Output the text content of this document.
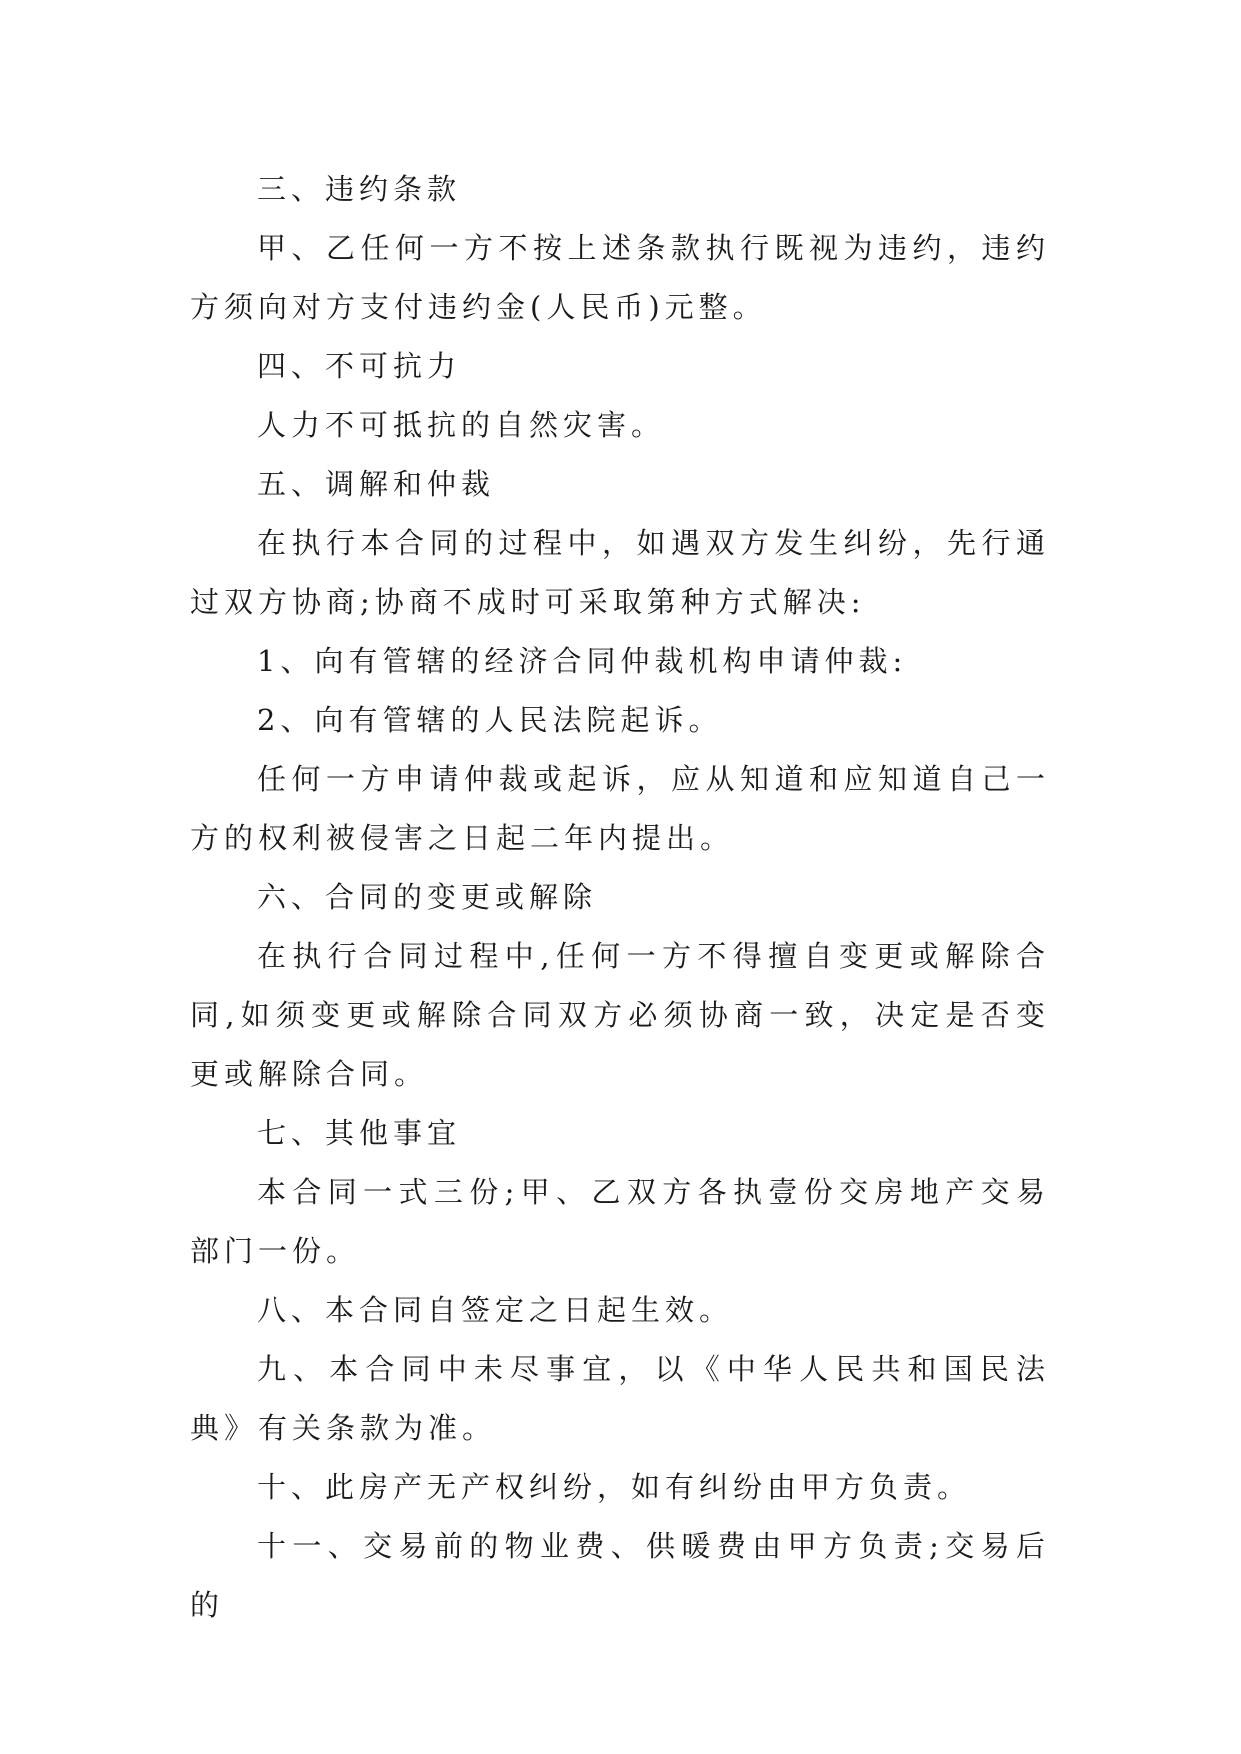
三、违约条款

甲、乙任何一方不按上述条款执行既视为违约，违约方须向对方支付违约金(人民币)元整。

四、不可抗力

人力不可抵抗的自然灾害。

五、调解和仲裁

在执行本合同的过程中，如遇双方发生纠纷，先行通过双方协商;协商不成时可采取第种方式解决:

1、向有管辖的经济合同仲裁机构申请仲裁:

2、向有管辖的人民法院起诉。

任何一方申请仲裁或起诉，应从知道和应知道自己一方的权利被侵害之日起二年内提出。

六、合同的变更或解除

在执行合同过程中,任何一方不得擅自变更或解除合同,如须变更或解除合同双方必须协商一致，决定是否变更或解除合同。

七、其他事宜

本合同一式三份;甲、乙双方各执壹份交房地产交易部门一份。

八、本合同自签定之日起生效。

九、本合同中未尽事宜，以《中华人民共和国民法典》有关条款为准。

十、此房产无产权纠纷，如有纠纷由甲方负责。

十一、交易前的物业费、供暖费由甲方负责;交易后的
